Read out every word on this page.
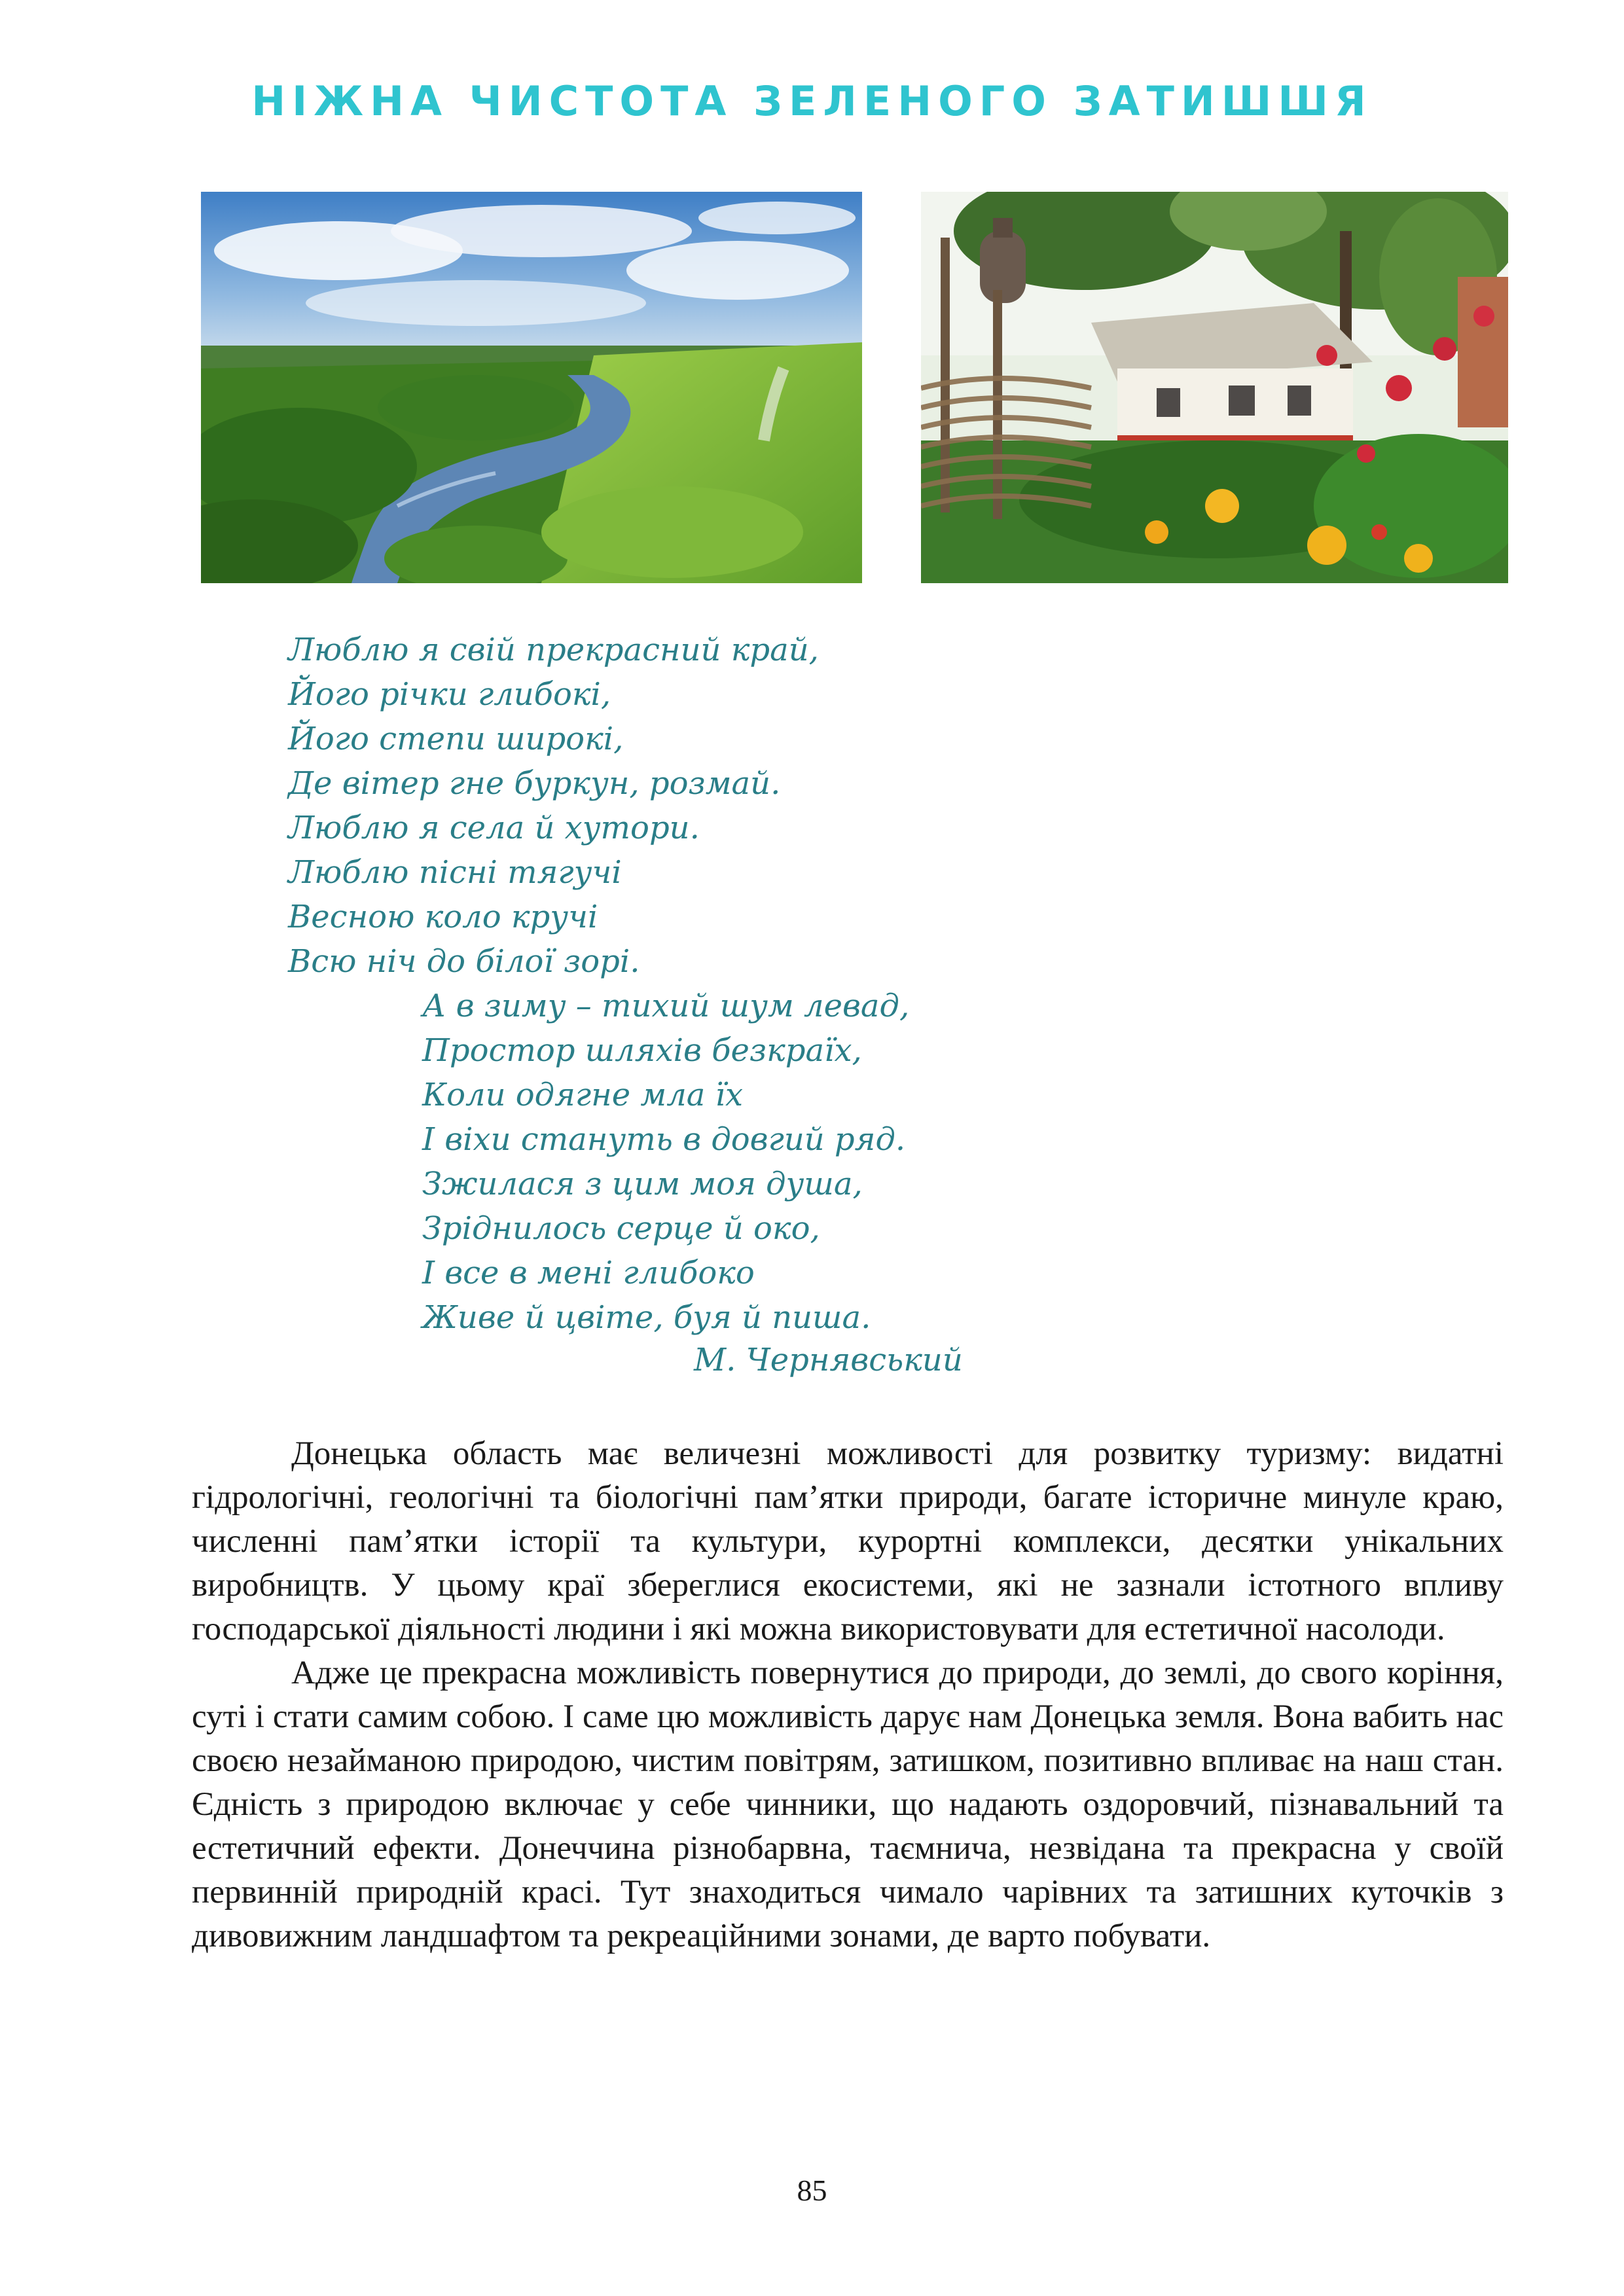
НІЖНА ЧИСТОТА ЗЕЛЕНОГО ЗАТИШШЯ
Люблю я свій прекрасний край,
Його річки глибокі,
Його степи широкі,
Де вітер гне буркун, розмай.
Люблю я села й хутори.
Люблю пісні тягучі
Весною коло кручі
Всю ніч до білої зорі.
А в зиму – тихий шум левад,
Простор шляхів безкраїх,
Коли одягне мла їх
І віхи стануть в довгий ряд.
Зжилася з цим моя душа,
Зріднилось серце й око,
І все в мені глибоко
Живе й цвіте, буя й пиша.
М. Чернявський

Донецька область має величезні можливості для розвитку туризму: видатні гідрологічні, геологічні та біологічні пам’ятки природи, багате історичне минуле краю, численні пам’ятки історії та культури, курортні комплекси, десятки унікальних виробництв. У цьому краї збереглися екосистеми, які не зазнали істотного впливу господарської діяльності людини і які можна використовувати для естетичної насолоди.

Адже це прекрасна можливість повернутися до природи, до землі, до свого коріння, суті і стати самим собою. І саме цю можливість дарує нам Донецька земля. Вона вабить нас своєю незайманою природою, чистим повітрям, затишком, позитивно впливає на наш стан. Єдність з природою включає у себе чинники, що надають оздоровчий, пізнавальний та естетичний ефекти. Донеччина різнобарвна, таємнича, незвідана та прекрасна у своїй первинній природній красі. Тут знаходиться чимало чарівних та затишних куточків з дивовижним ландшафтом та рекреаційними зонами, де варто побувати.

85
